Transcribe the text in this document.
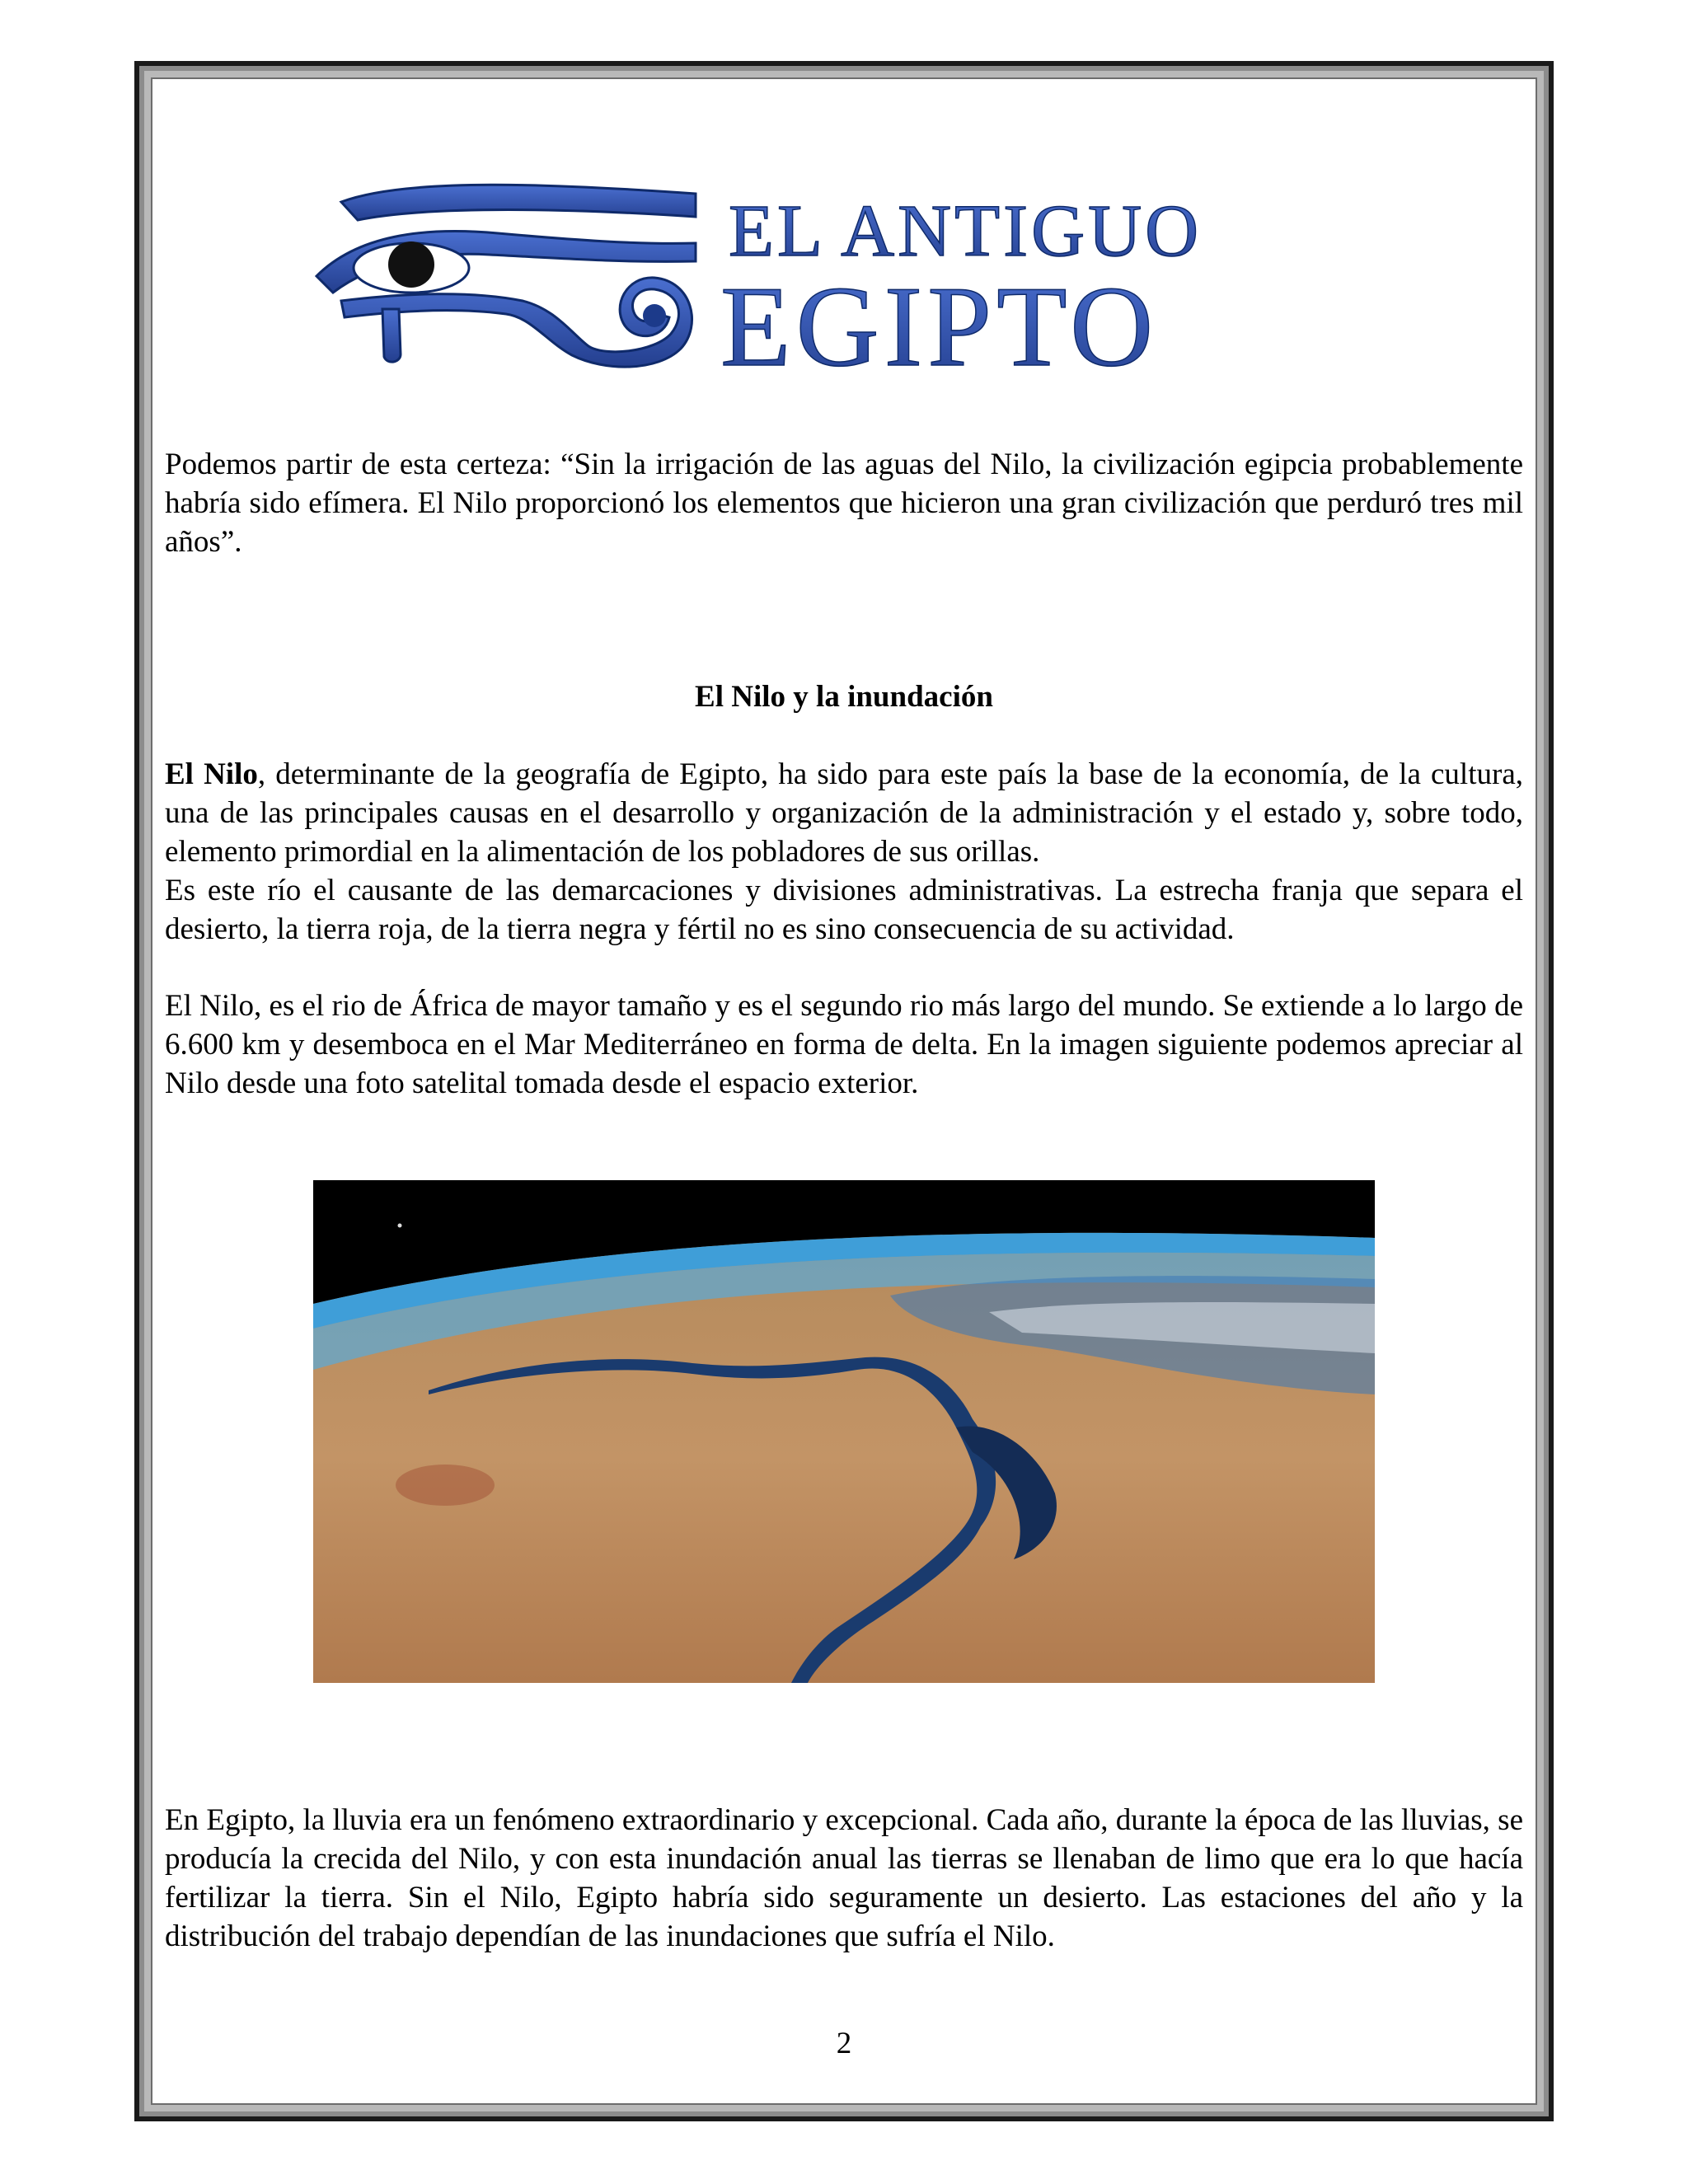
EL ANTIGUO
EGIPTO

Podemos partir de esta certeza: “Sin la irrigación de las aguas del Nilo, la civilización egipcia probablemente habría sido efímera. El Nilo proporcionó los elementos que hicieron una gran civilización que perduró tres mil años”.

El Nilo y la inundación

El Nilo, determinante de la geografía de Egipto, ha sido para este país la base de la economía, de la cultura, una de las principales causas en el desarrollo y organización de la administración y el estado y, sobre todo, elemento primordial en la alimentación de los pobladores de sus orillas.
Es este río el causante de las demarcaciones y divisiones administrativas. La estrecha franja que separa el desierto, la tierra roja, de la tierra negra y fértil no es sino consecuencia de su actividad.

El Nilo, es el rio de África de mayor tamaño y es el segundo rio más largo del mundo. Se extiende a lo largo de 6.600 km y desemboca en el Mar Mediterráneo en forma de delta. En la imagen siguiente podemos apreciar al Nilo desde una foto satelital tomada desde el espacio exterior.

En Egipto, la lluvia era un fenómeno extraordinario y excepcional. Cada año, durante la época de las lluvias, se producía la crecida del Nilo, y con esta inundación anual las tierras se llenaban de limo que era lo que hacía fertilizar la tierra. Sin el Nilo, Egipto habría sido seguramente un desierto. Las estaciones del año y la distribución del trabajo dependían de las inundaciones que sufría el Nilo.

2
